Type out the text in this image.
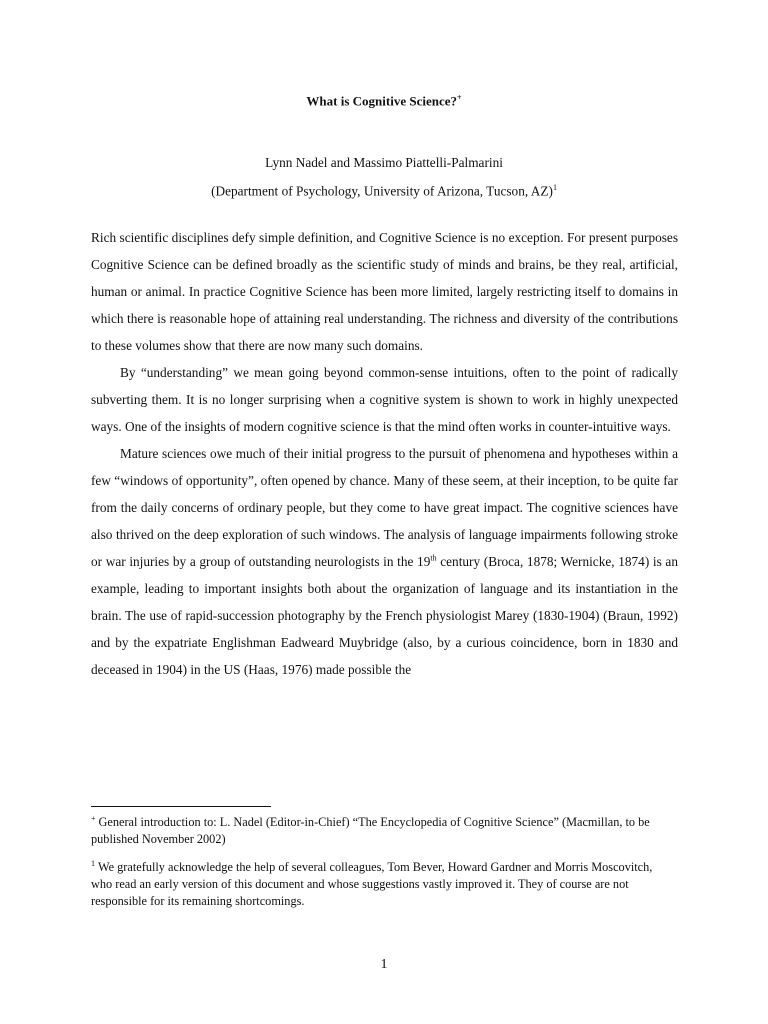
What is Cognitive Science?+
Lynn Nadel and Massimo Piattelli-Palmarini
(Department of Psychology, University of Arizona, Tucson, AZ)$^1$

Rich scientific disciplines defy simple definition, and Cognitive Science is no exception. For present purposes Cognitive Science can be defined broadly as the scientific study of minds and brains, be they real, artificial, human or animal. In practice Cognitive Science has been more limited, largely restricting itself to domains in which there is reasonable hope of attaining real understanding. The richness and diversity of the contributions to these volumes show that there are now many such domains.

By “understanding” we mean going beyond common-sense intuitions, often to the point of radically subverting them. It is no longer surprising when a cognitive system is shown to work in highly unexpected ways. One of the insights of modern cognitive science is that the mind often works in counter-intuitive ways.

Mature sciences owe much of their initial progress to the pursuit of phenomena and hypotheses within a few “windows of opportunity”, often opened by chance. Many of these seem, at their inception, to be quite far from the daily concerns of ordinary people, but they come to have great impact. The cognitive sciences have also thrived on the deep exploration of such windows. The analysis of language impairments following stroke or war injuries by a group of outstanding neurologists in the 19th century (Broca, 1878; Wernicke, 1874) is an example, leading to important insights both about the organization of language and its instantiation in the brain. The use of rapid-succession photography by the French physiologist Marey (1830-1904) (Braun, 1992) and by the expatriate Englishman Eadweard Muybridge (also, by a curious coincidence, born in 1830 and deceased in 1904) in the US (Haas, 1976) made possible the

+ General introduction to: L. Nadel (Editor-in-Chief) “The Encyclopedia of Cognitive Science” (Macmillan, to be published November 2002)

$^1$ We gratefully acknowledge the help of several colleagues, Tom Bever, Howard Gardner and Morris Moscovitch, who read an early version of this document and whose suggestions vastly improved it. They of course are not responsible for its remaining shortcomings.

1
